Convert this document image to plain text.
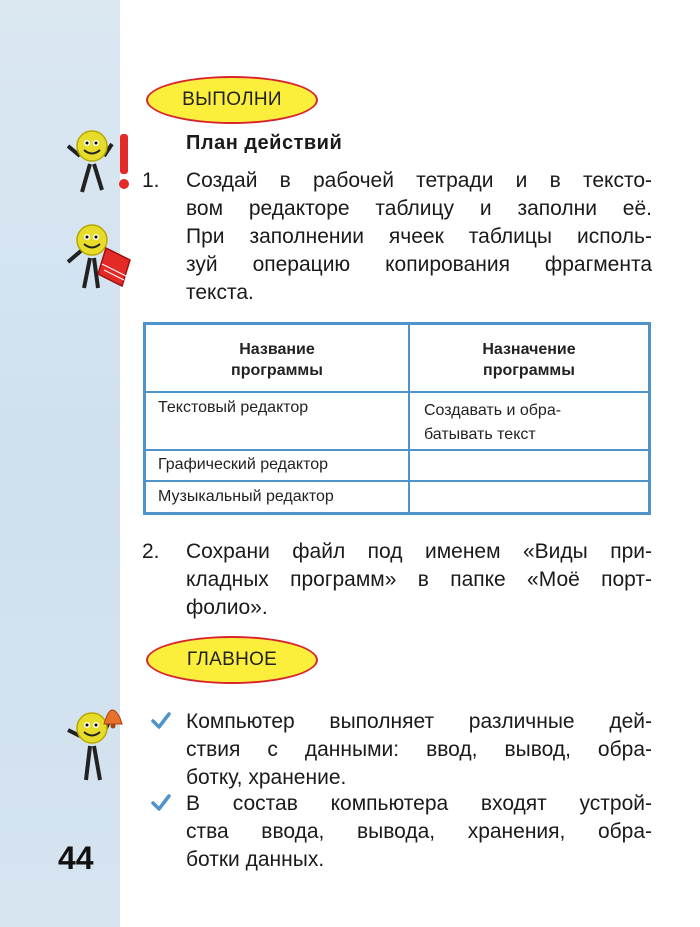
ВЫПОЛНИ
План действий
1. Создай в рабочей тетради и в тексто-
вом редакторе таблицу и заполни её.
При заполнении ячеек таблицы исполь-
зуй операцию копирования фрагмента
текста.
Название
программы
Назначение
программы
Текстовый редактор	Создавать и обра-
батывать текст
Графический редактор
Музыкальный редактор
2. Сохрани файл под именем «Виды при-
кладных программ» в папке «Моё порт-
фолио».
ГЛАВНОЕ
Компьютер выполняет различные дей-
ствия с данными: ввод, вывод, обра-
ботку, хранение.
В состав компьютера входят устрой-
ства ввода, вывода, хранения, обра-
ботки данных.
44
